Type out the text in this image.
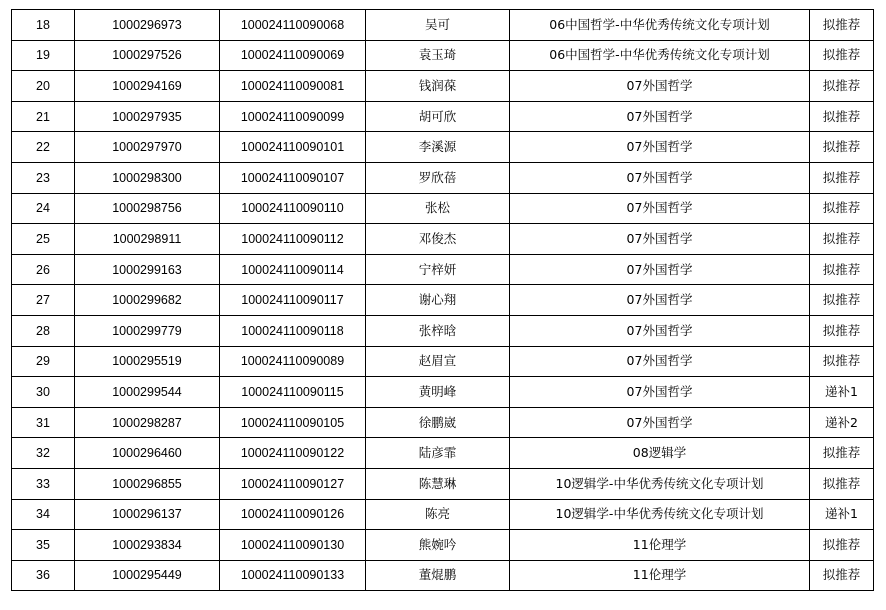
18	1000296973	100024110090068	吴可	06中国哲学-中华优秀传统文化专项计划	拟推荐
19	1000297526	100024110090069	袁玉琦	06中国哲学-中华优秀传统文化专项计划	拟推荐
20	1000294169	100024110090081	钱润葆	07外国哲学	拟推荐
21	1000297935	100024110090099	胡可欣	07外国哲学	拟推荐
22	1000297970	100024110090101	李溪源	07外国哲学	拟推荐
23	1000298300	100024110090107	罗欣蓓	07外国哲学	拟推荐
24	1000298756	100024110090110	张松	07外国哲学	拟推荐
25	1000298911	100024110090112	邓俊杰	07外国哲学	拟推荐
26	1000299163	100024110090114	宁梓妍	07外国哲学	拟推荐
27	1000299682	100024110090117	谢心翔	07外国哲学	拟推荐
28	1000299779	100024110090118	张梓晗	07外国哲学	拟推荐
29	1000295519	100024110090089	赵眉宣	07外国哲学	拟推荐
30	1000299544	100024110090115	黄明峰	07外国哲学	递补1
31	1000298287	100024110090105	徐鹏崴	07外国哲学	递补2
32	1000296460	100024110090122	陆彦霏	08逻辑学	拟推荐
33	1000296855	100024110090127	陈慧琳	10逻辑学-中华优秀传统文化专项计划	拟推荐
34	1000296137	100024110090126	陈亮	10逻辑学-中华优秀传统文化专项计划	递补1
35	1000293834	100024110090130	熊婉吟	11伦理学	拟推荐
36	1000295449	100024110090133	董焜鹏	11伦理学	拟推荐
